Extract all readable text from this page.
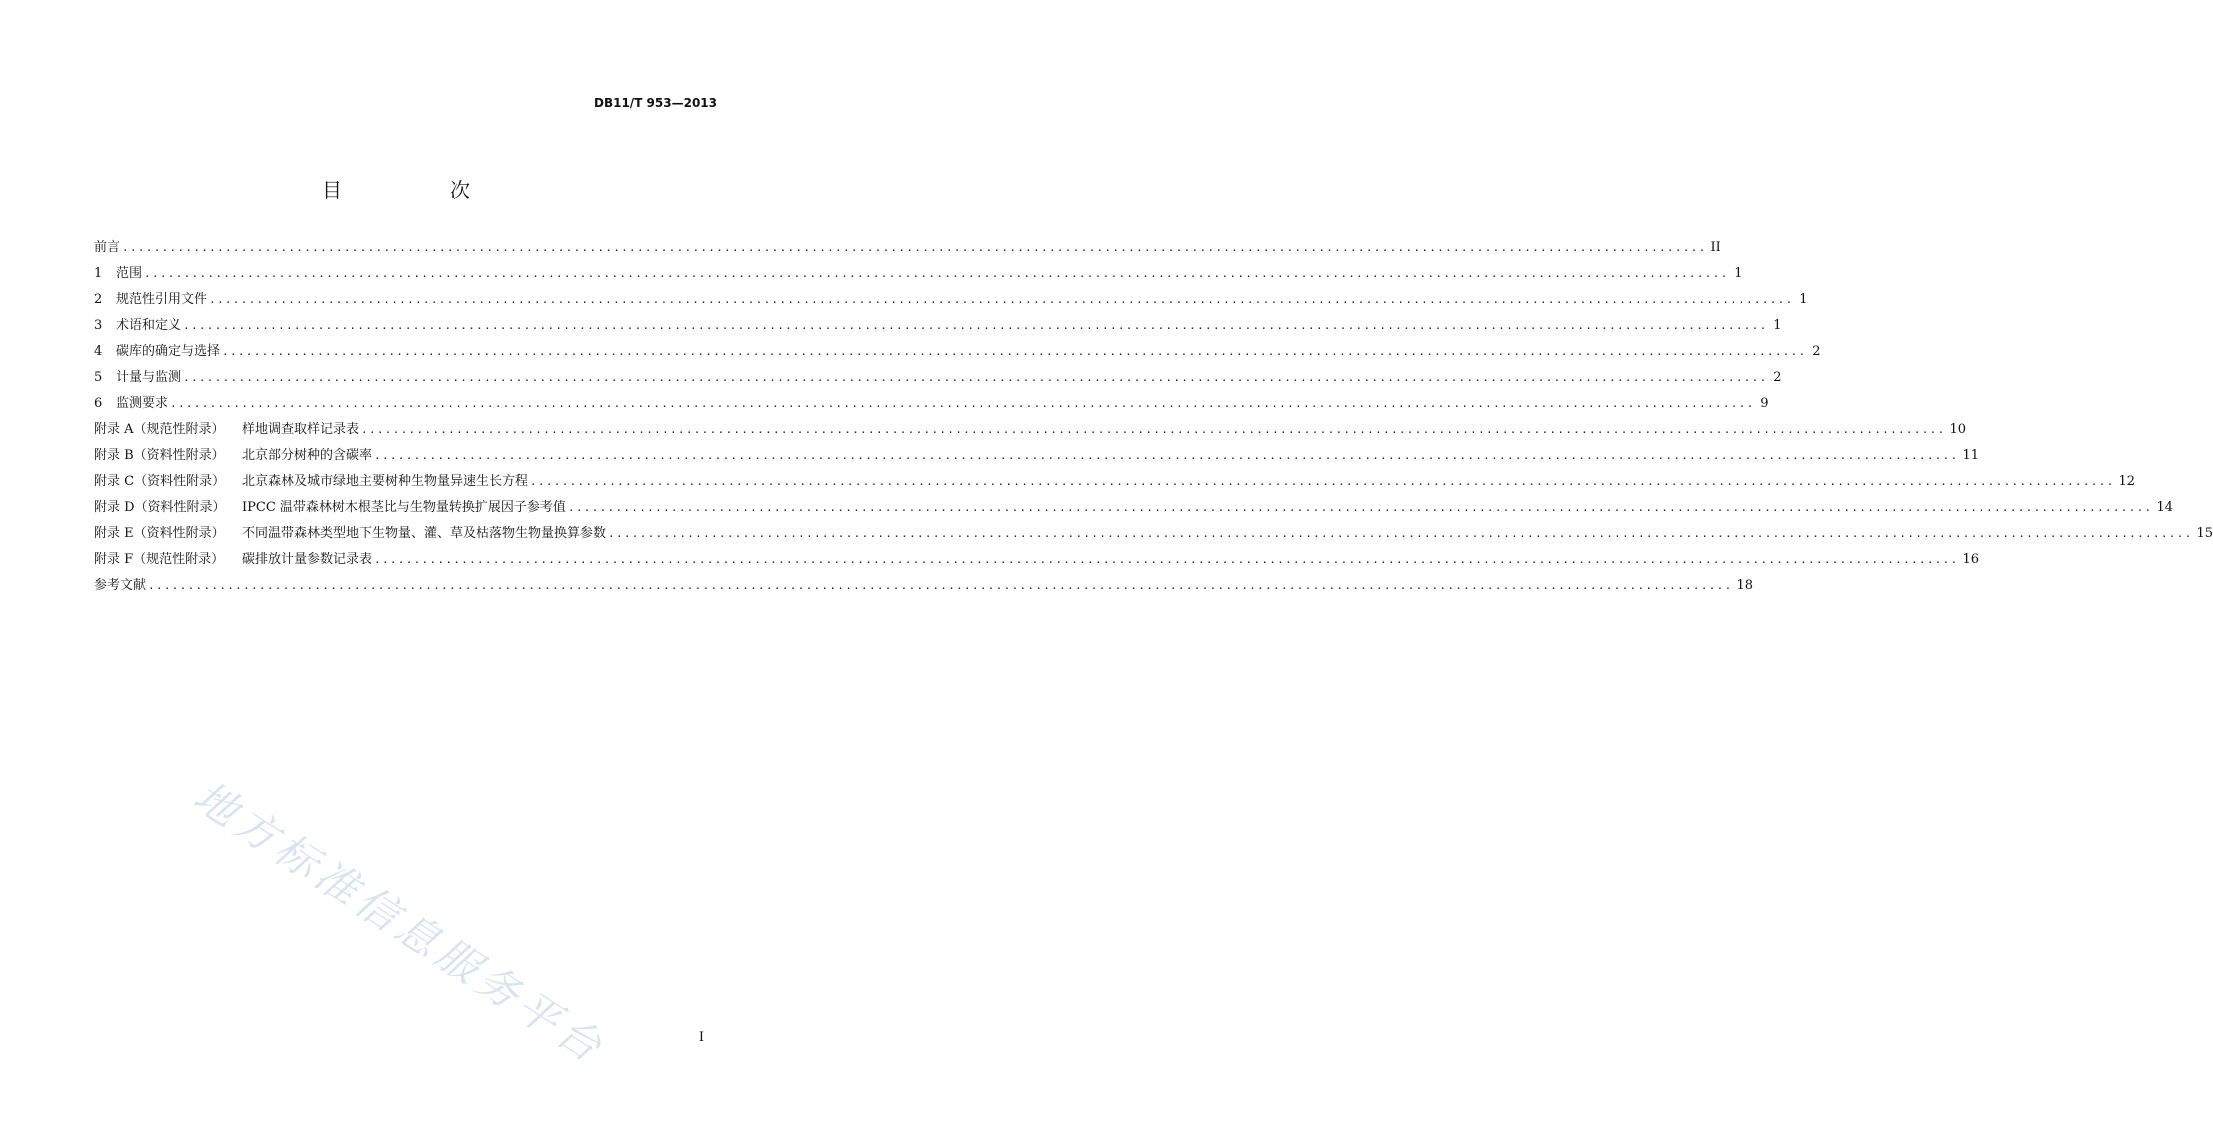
DB11/T 953—2013
目　次
前言 ........................................................................................................................................................................................................ II
1	范围 ........................................................................................................................................................................................................ 1
2	规范性引用文件 ........................................................................................................................................................................................................ 1
3	术语和定义 ........................................................................................................................................................................................................ 1
4	碳库的确定与选择 ........................................................................................................................................................................................................ 2
5	计量与监测 ........................................................................................................................................................................................................ 2
6	监测要求 ........................................................................................................................................................................................................ 9
附录 A（规范性附录）	样地调查取样记录表 ........................................................................................................................................................................................................ 10
附录 B（资料性附录）	北京部分树种的含碳率 ........................................................................................................................................................................................................ 11
附录 C（资料性附录）	北京森林及城市绿地主要树种生物量异速生长方程 ........................................................................................................................................................................................................ 12
附录 D（资料性附录）	IPCC 温带森林树木根茎比与生物量转换扩展因子参考值 ........................................................................................................................................................................................................ 14
附录 E（资料性附录）	不同温带森林类型地下生物量、灌、草及枯落物生物量换算参数 ........................................................................................................................................................................................................ 15
附录 F（规范性附录）	碳排放计量参数记录表 ........................................................................................................................................................................................................ 16
参考文献 ........................................................................................................................................................................................................ 18
地方标准信息服务平台	I
